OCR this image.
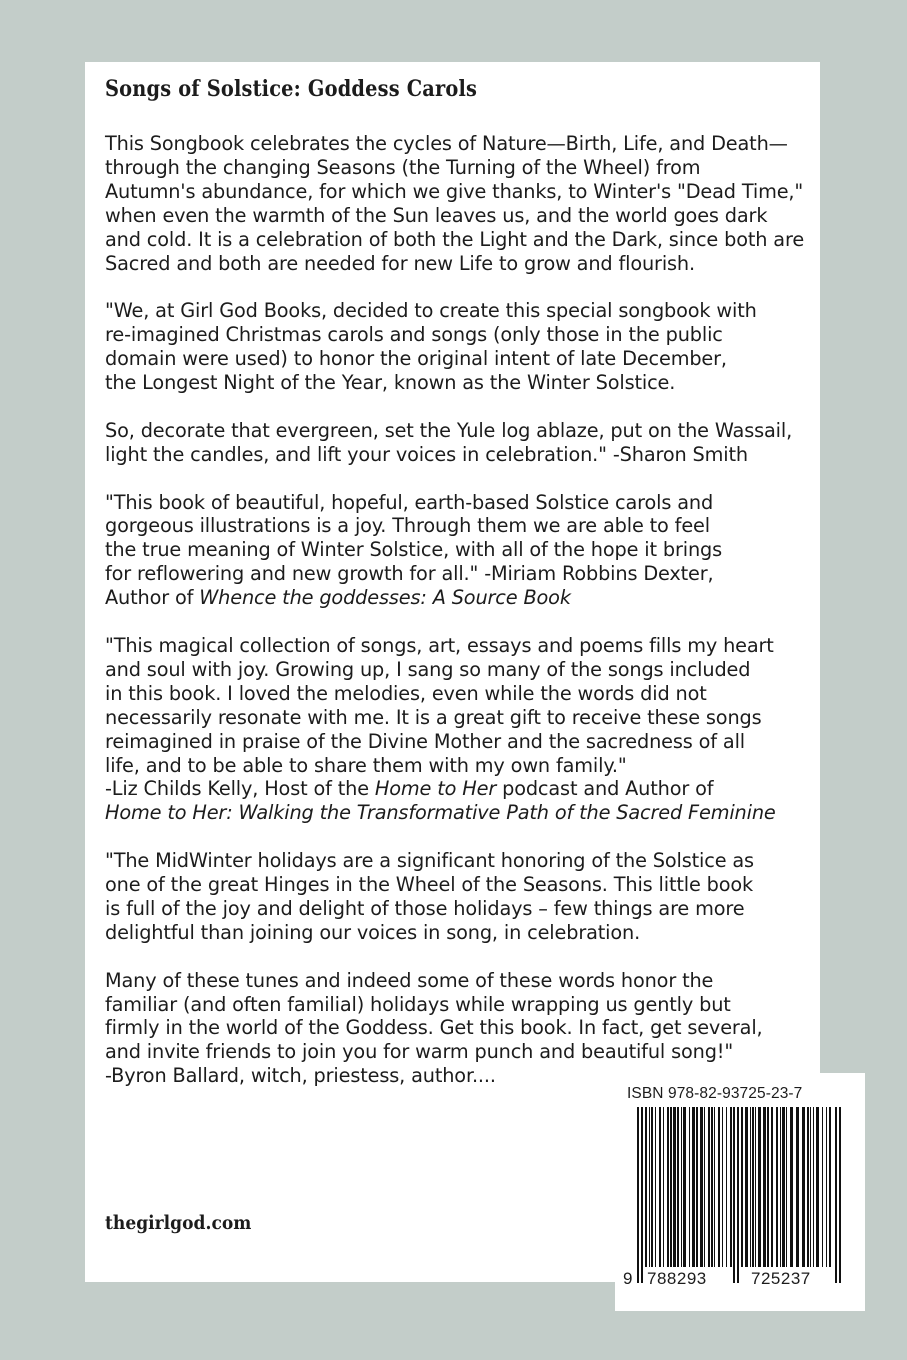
Songs of Solstice: Goddess Carols

This Songbook celebrates the cycles of Nature—Birth, Life, and Death—
through the changing Seasons (the Turning of the Wheel) from
Autumn's abundance, for which we give thanks, to Winter's "Dead Time,"
when even the warmth of the Sun leaves us, and the world goes dark
and cold. It is a celebration of both the Light and the Dark, since both are
Sacred and both are needed for new Life to grow and flourish.

"We, at Girl God Books, decided to create this special songbook with
re-imagined Christmas carols and songs (only those in the public
domain were used) to honor the original intent of late December,
the Longest Night of the Year, known as the Winter Solstice.

So, decorate that evergreen, set the Yule log ablaze, put on the Wassail,
light the candles, and lift your voices in celebration." -Sharon Smith

"This book of beautiful, hopeful, earth-based Solstice carols and
gorgeous illustrations is a joy. Through them we are able to feel
the true meaning of Winter Solstice, with all of the hope it brings
for reflowering and new growth for all." -Miriam Robbins Dexter,
Author of Whence the goddesses: A Source Book

"This magical collection of songs, art, essays and poems fills my heart
and soul with joy. Growing up, I sang so many of the songs included
in this book. I loved the melodies, even while the words did not
necessarily resonate with me. It is a great gift to receive these songs
reimagined in praise of the Divine Mother and the sacredness of all
life, and to be able to share them with my own family."
-Liz Childs Kelly, Host of the Home to Her podcast and Author of
Home to Her: Walking the Transformative Path of the Sacred Feminine

"The MidWinter holidays are a significant honoring of the Solstice as
one of the great Hinges in the Wheel of the Seasons. This little book
is full of the joy and delight of those holidays – few things are more
delightful than joining our voices in song, in celebration.

Many of these tunes and indeed some of these words honor the
familiar (and often familial) holidays while wrapping us gently but
firmly in the world of the Goddess. Get this book. In fact, get several,
and invite friends to join you for warm punch and beautiful song!"
-Byron Ballard, witch, priestess, author....

thegirlgod.com
ISBN 978-82-93725-23-7
9 788293	725237
